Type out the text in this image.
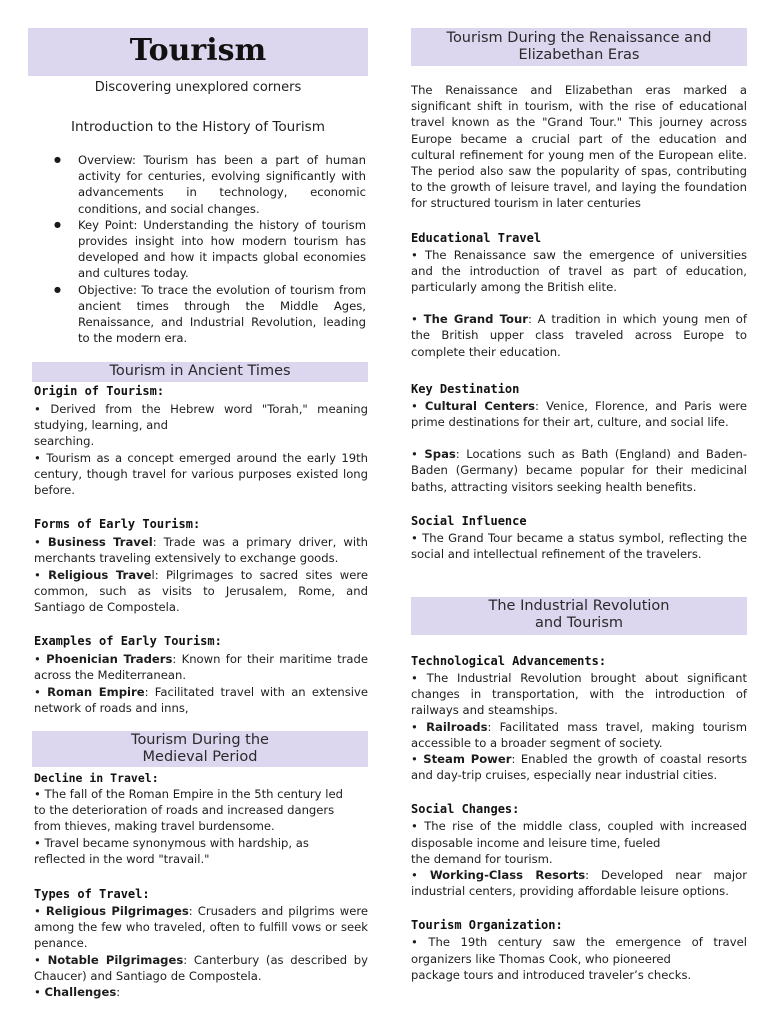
Tourism
Discovering unexplored corners
Introduction to the History of Tourism
● Overview: Tourism has been a part of human activity for centuries, evolving significantly with advancements in technology, economic conditions, and social changes.
● Key Point: Understanding the history of tourism provides insight into how modern tourism has developed and how it impacts global economies and cultures today.
● Objective: To trace the evolution of tourism from ancient times through the Middle Ages, Renaissance, and Industrial Revolution, leading to the modern era.
Tourism in Ancient Times
Origin of Tourism:

• Derived from the Hebrew word "Torah," meaning studying, learning, and

searching.

• Tourism as a concept emerged around the early 19th century, though travel for various purposes existed long before.

Forms of Early Tourism:

• Business Travel: Trade was a primary driver, with merchants traveling extensively to exchange goods.

• Religious Travel: Pilgrimages to sacred sites were common, such as visits to Jerusalem, Rome, and Santiago de Compostela.

Examples of Early Tourism:

• Phoenician Traders: Known for their maritime trade across the Mediterranean.

• Roman Empire: Facilitated travel with an extensive network of roads and inns,

Tourism During the
Medieval Period
Decline in Travel:

• The fall of the Roman Empire in the 5th century led to the deterioration of roads and increased dangers from thieves, making travel burdensome.

• Travel became synonymous with hardship, as reflected in the word "travail."

Types of Travel:

• Religious Pilgrimages: Crusaders and pilgrims were among the few who traveled, often to fulfill vows or seek penance.

• Notable Pilgrimages: Canterbury (as described by Chaucer) and Santiago de Compostela.

• Challenges:

Tourism During the Renaissance and
Elizabethan Eras

The Renaissance and Elizabethan eras marked a significant shift in tourism, with the rise of educational travel known as the "Grand Tour." This journey across Europe became a crucial part of the education and cultural refinement for young men of the European elite. The period also saw the popularity of spas, contributing to the growth of leisure travel, and laying the foundation for structured tourism in later centuries

Educational Travel

• The Renaissance saw the emergence of universities and the introduction of travel as part of education, particularly among the British elite.

• The Grand Tour: A tradition in which young men of the British upper class traveled across Europe to complete their education.

Key Destination

• Cultural Centers: Venice, Florence, and Paris were prime destinations for their art, culture, and social life.

• Spas: Locations such as Bath (England) and Baden-Baden (Germany) became popular for their medicinal baths, attracting visitors seeking health benefits.

Social Influence

• The Grand Tour became a status symbol, reflecting the social and intellectual refinement of the travelers.

The Industrial Revolution
and Tourism
Technological Advancements:

• The Industrial Revolution brought about significant changes in transportation, with the introduction of railways and steamships.

• Railroads: Facilitated mass travel, making tourism accessible to a broader segment of society.

• Steam Power: Enabled the growth of coastal resorts and day-trip cruises, especially near industrial cities.

Social Changes:

• The rise of the middle class, coupled with increased disposable income and leisure time, fueled

the demand for tourism.

• Working-Class Resorts: Developed near major industrial centers, providing affordable leisure options.

Tourism Organization:

• The 19th century saw the emergence of travel organizers like Thomas Cook, who pioneered

package tours and introduced traveler’s checks.
